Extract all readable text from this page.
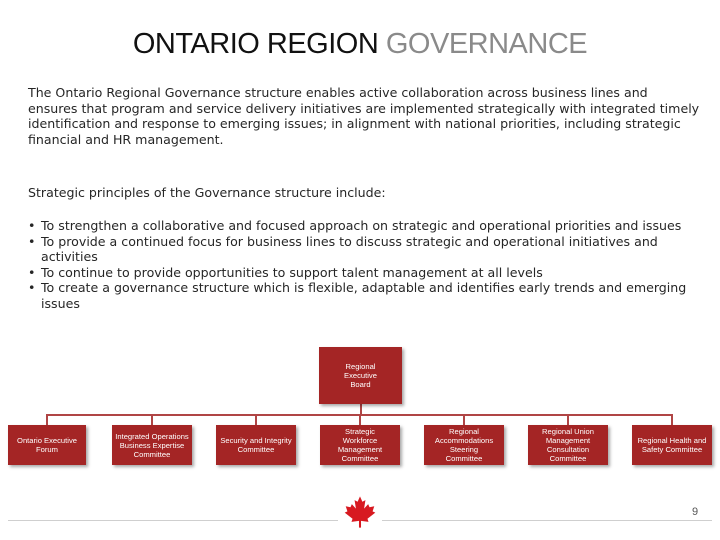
ONTARIO REGION GOVERNANCE

The Ontario Regional Governance structure enables active collaboration across business lines and ensures that program and service delivery initiatives are implemented strategically with integrated timely identification and response to emerging issues; in alignment with national priorities, including strategic financial and HR management.

Strategic principles of the Governance structure include:

• To strengthen a collaborative and focused approach on strategic and operational priorities and issues
• To provide a continued focus for business lines to discuss strategic and operational initiatives and activities
• To continue to provide opportunities to support talent management at all levels
• To create a governance structure which is flexible, adaptable and identifies early trends and emerging issues
Regional Executive Board
Ontario Executive Forum
Integrated Operations Business Expertise Committee
Security and Integrity Committee
Strategic Workforce Management Committee
Regional Accommodations Steering Committee
Regional Union Management Consultation Committee
Regional Health and Safety Committee
9
